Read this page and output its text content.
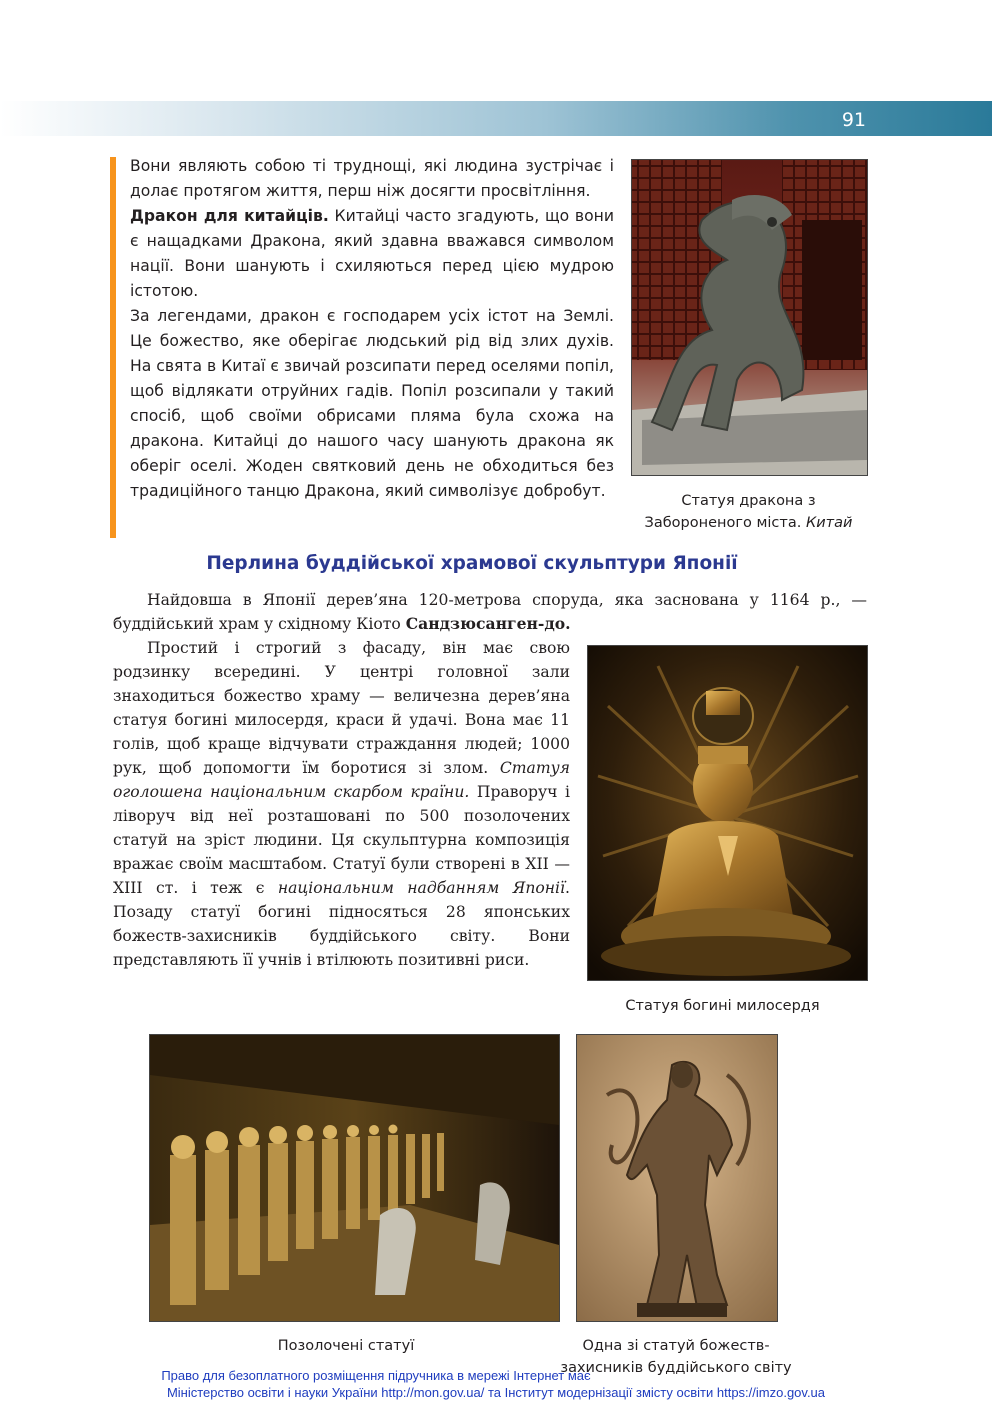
91

Вони являють собою ті труднощі, які людина зустрічає і долає протягом життя, перш ніж досягти просвітління.

Дракон для китайців. Китайці часто згадують, що вони є нащадками Дракона, який здавна вважався символом нації. Вони шанують і схиляються перед цією мудрою істотою.

За легендами, дракон є господарем усіх істот на Землі. Це божество, яке оберігає людський рід від злих духів. На свята в Китаї є звичай розсипати перед оселями попіл, щоб відлякати отруйних гадів. Попіл розсипали у такий спосіб, щоб своїми обрисами пляма була схожа на дракона. Китайці до нашого часу шанують дракона як оберіг оселі. Жоден святковий день не обходиться без традиційного танцю Дракона, який символізує добробут.

Статуя дракона з
Забороненого міста. Китай
Перлина буддійської храмової скульптури Японії

Найдовша в Японії дерев’яна 120-метрова споруда, яка заснована у 1164 р., — буддійський храм у східному Кіото Сандзюсанген-до.

Простий і строгий з фасаду, він має свою родзинку всередині. У центрі головної зали знаходиться божество храму — величезна дерев’яна статуя богині милосердя, краси й удачі. Вона має 11 голів, щоб краще відчувати страждання людей; 1000 рук, щоб допомогти їм боротися зі злом. Статуя оголошена національним скарбом країни. Праворуч і ліворуч від неї розташовані по 500 позолочених статуй на зріст людини. Ця скульптурна композиція вражає своїм масштабом. Статуї були створені в XII — XIII ст. і теж є національним надбанням Японії. Позаду статуї богині підносяться 28 японських божеств-захисників буддійського світу. Вони представляють її учнів і втілюють позитивні риси.

Статуя богині милосердя
Позолочені статуї	Одна зі статуй божеств-
захисників буддійського світу
Право для безоплатного розміщення підручника в мережі Інтернет має
Міністерство освіти і науки України http://mon.gov.ua/ та Інститут модернізації змісту освіти https://imzo.gov.ua
